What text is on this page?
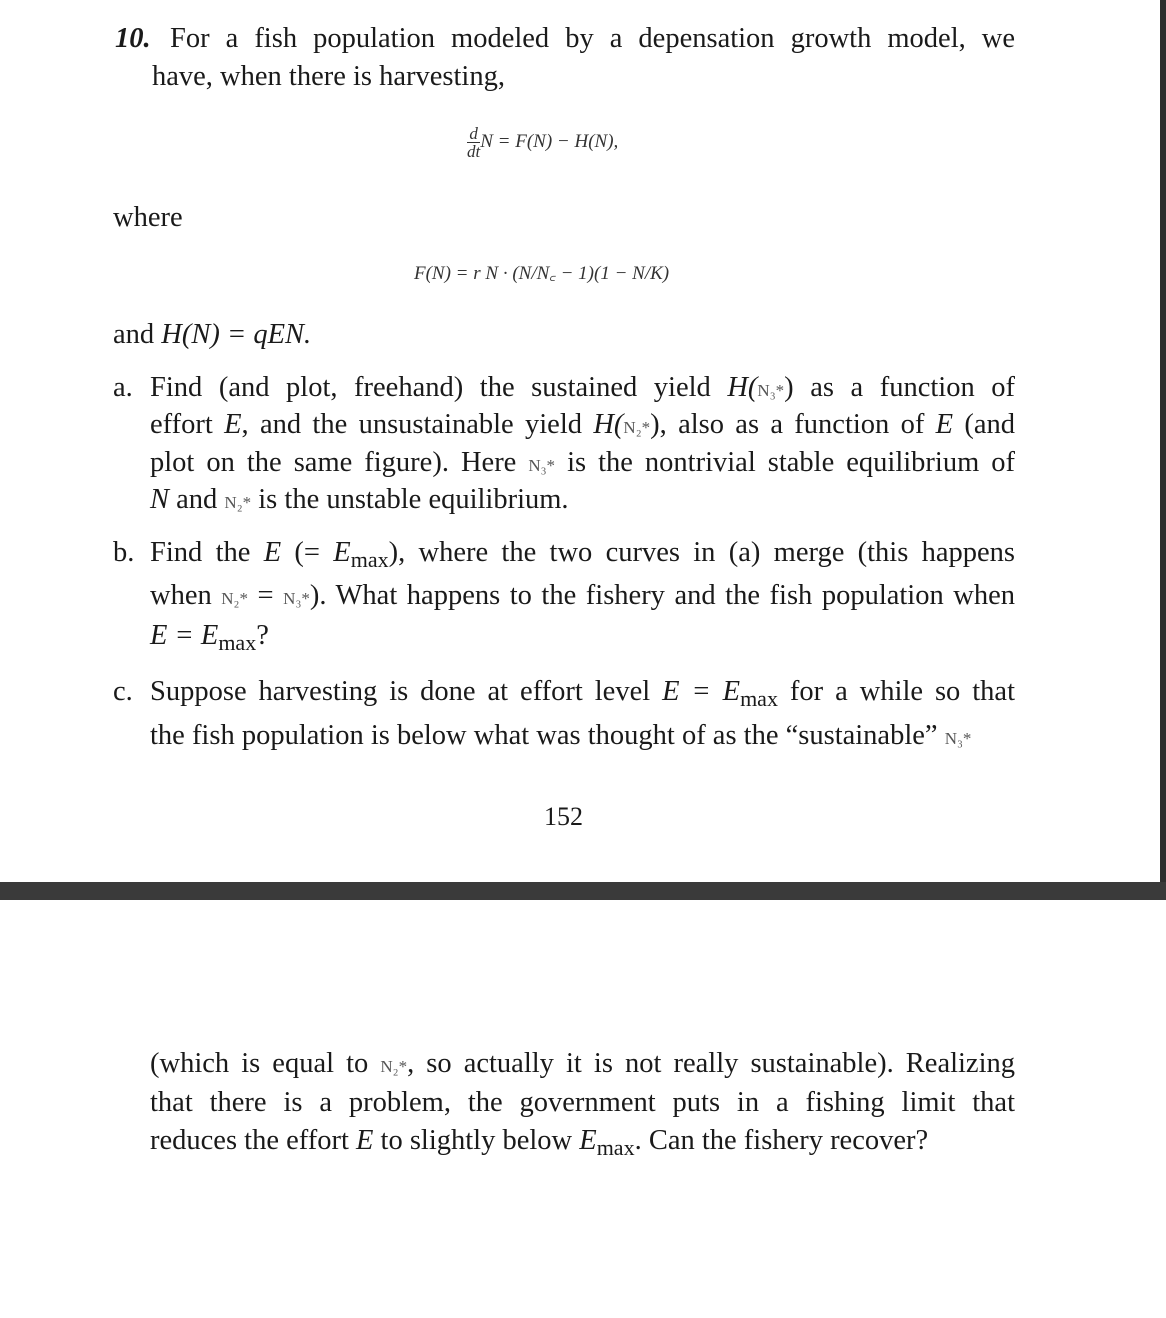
10. For a fish population modeled by a depensation growth model, we
have, when there is harvesting,
$\frac{d}{dt}$ N = F(N) − H(N),
where
F(N) = r N · (N/N꜀ − 1)(1 − N/K)
and H(N) = qEN.
a. Find (and plot, freehand) the sustained yield H(N₃*) as a function of
effort E, and the unsustainable yield H(N₂*), also as a function of E (and
plot on the same figure). Here N₃* is the nontrivial stable equilibrium of
N and N₂* is the unstable equilibrium.
b. Find the E (= $E_{max}$), where the two curves in (a) merge (this happens
when N₂* = N₃*). What happens to the fishery and the fish population when
$E = E_{max}$?
c. Suppose harvesting is done at effort level $E = E_{max}$ for a while so that
the fish population is below what was thought of as the “sustainable” N₃*
152
(which is equal to N₂*, so actually it is not really sustainable). Realizing
that there is a problem, the government puts in a fishing limit that
reduces the effort E to slightly below $E_{max}$. Can the fishery recover?
